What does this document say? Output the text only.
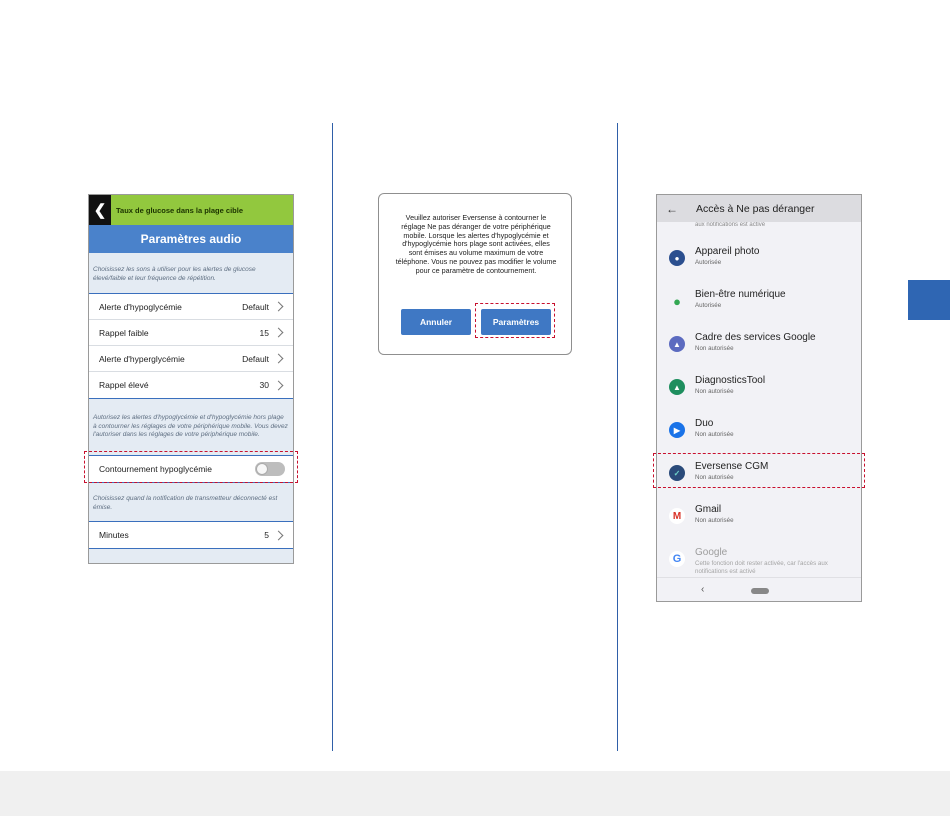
❮	Taux de glucose dans la plage cible
Paramètres audio
Choisissez les sons à utiliser pour les alertes de glucose élevé/faible et leur fréquence de répétition.
Alerte d'hypoglycémie	Default
Rappel faible	15
Alerte d'hyperglycémie	Default
Rappel élevé	30
Autorisez les alertes d'hypoglycémie et d'hypoglycémie hors plage à contourner les réglages de votre périphérique mobile. Vous devez l'autoriser dans les réglages de votre périphérique mobile.
Contournement hypoglycémie
Choisissez quand la notification de transmetteur déconnecté est émise.
Minutes	5
Veuillez autoriser Eversense à contourner le réglage Ne pas déranger de votre périphérique mobile. Lorsque les alertes d'hypoglycémie et d'hypoglycémie hors plage sont activées, elles sont émises au volume maximum de votre téléphone. Vous ne pouvez pas modifier le volume pour ce paramètre de contournement.
Annuler	Paramètres
←	Accès à Ne pas déranger
aux notifications est activé
●
Appareil photo
Autorisée
●	Bien-être numérique
Autorisée
▲
Cadre des services Google
Non autorisée
▲
DiagnosticsTool
Non autorisée
▶
Duo
Non autorisée
✓
Eversense CGM
Non autorisée
M
Gmail
Non autorisée
G
Google
Cette fonction doit rester activée, car l'accès aux notifications est activé
‹
